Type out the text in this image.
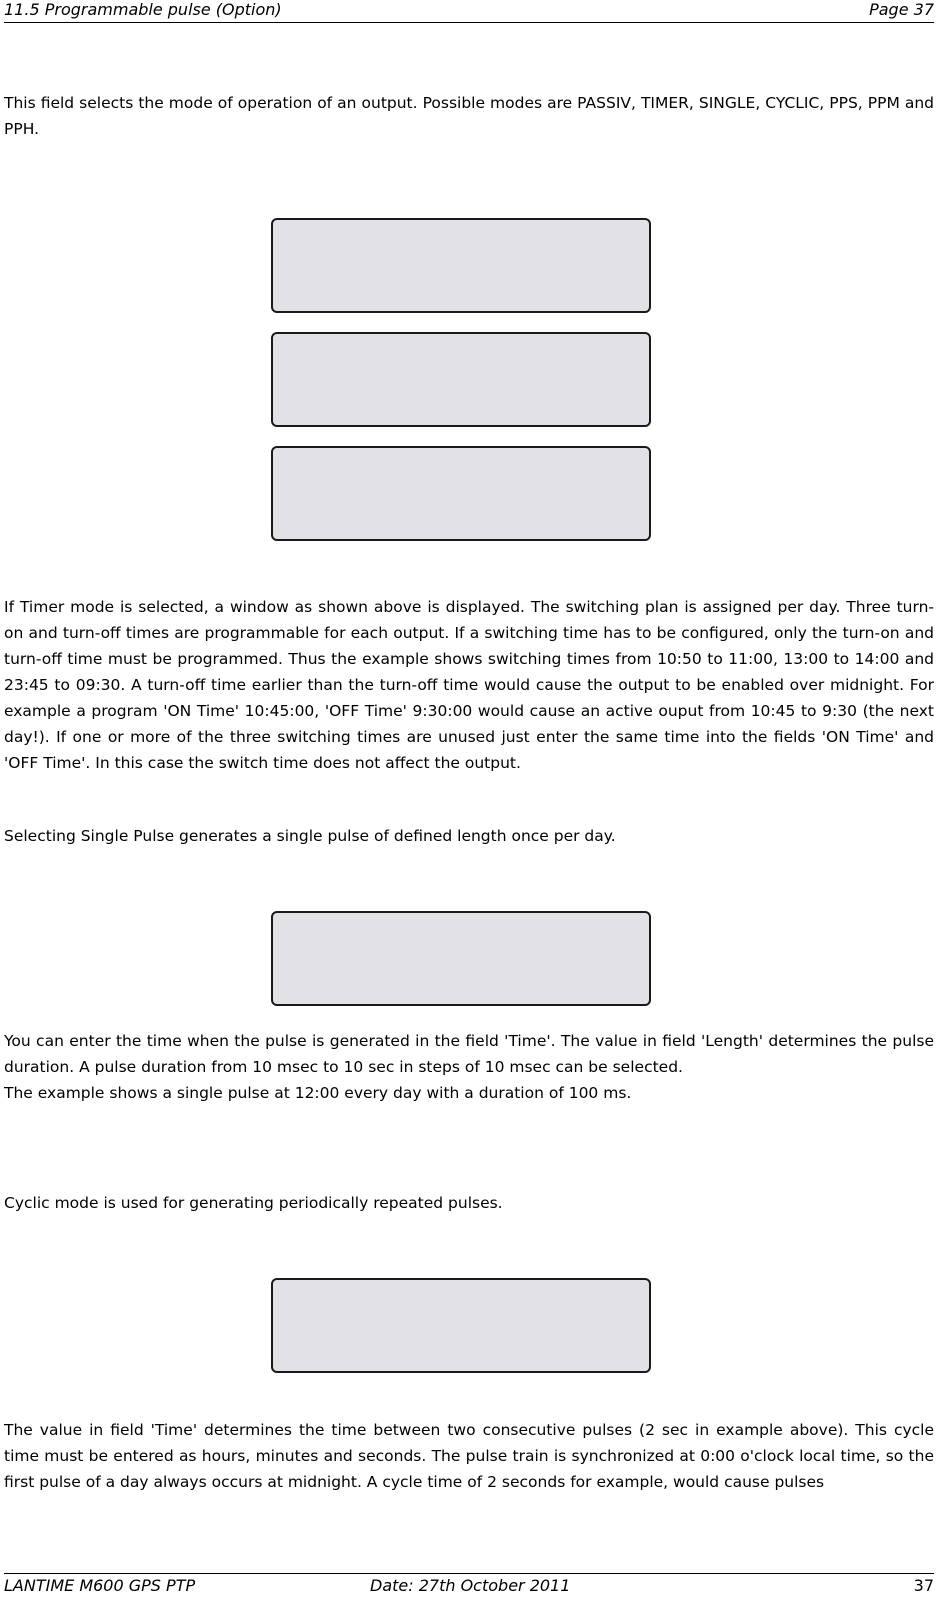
11.5 Programmable pulse (Option)	Page 37

This field selects the mode of operation of an output. Possible modes are PASSIV, TIMER, SINGLE, CYCLIC, PPS, PPM and PPH.

If Timer mode is selected, a window as shown above is displayed. The switching plan is assigned per day. Three turn-on and turn-off times are programmable for each output. If a switching time has to be configured, only the turn-on and turn-off time must be programmed. Thus the example shows switching times from 10:50 to 11:00, 13:00 to 14:00 and 23:45 to 09:30. A turn-off time earlier than the turn-off time would cause the output to be enabled over midnight. For example a program 'ON Time' 10:45:00, 'OFF Time' 9:30:00 would cause an active ouput from 10:45 to 9:30 (the next day!). If one or more of the three switching times are unused just enter the same time into the fields 'ON Time' and 'OFF Time'. In this case the switch time does not affect the output.

Selecting Single Pulse generates a single pulse of defined length once per day.

You can enter the time when the pulse is generated in the field 'Time'. The value in field 'Length' determines the pulse duration. A pulse duration from 10 msec to 10 sec in steps of 10 msec can be selected.

The example shows a single pulse at 12:00 every day with a duration of 100 ms.

Cyclic mode is used for generating periodically repeated pulses.

The value in field 'Time' determines the time between two consecutive pulses (2 sec in example above). This cycle time must be entered as hours, minutes and seconds. The pulse train is synchronized at 0:00 o'clock local time, so the first pulse of a day always occurs at midnight. A cycle time of 2 seconds for example, would cause pulses

LANTIME M600 GPS PTP	Date: 27th October 2011	37
